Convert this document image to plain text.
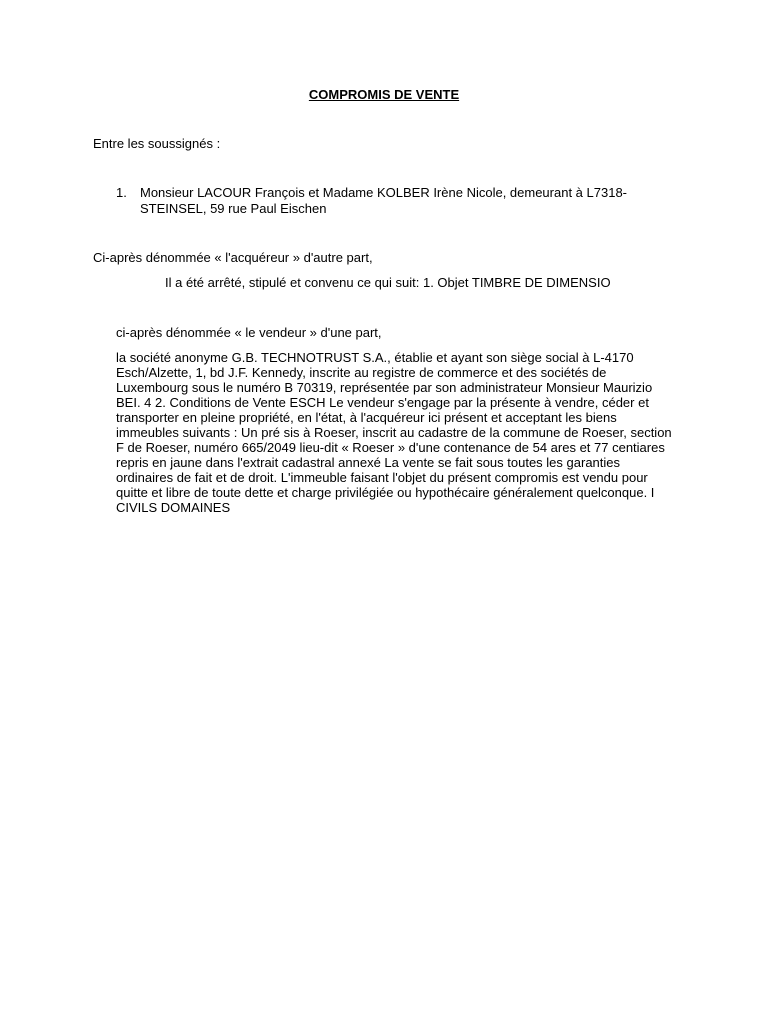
COMPROMIS DE VENTE
Entre les soussignés :
1.	Monsieur LACOUR François et Madame KOLBER Irène Nicole, demeurant à L7318-STEINSEL, 59 rue Paul Eischen
Ci-après dénommée « l'acquéreur » d'autre part,
Il a été arrêté, stipulé et convenu ce qui suit: 1. Objet TIMBRE DE DIMENSIO
ci-après dénommée « le vendeur » d'une part,
la société anonyme G.B. TECHNOTRUST S.A., établie et ayant son siège social à L-4170 Esch/Alzette, 1, bd J.F. Kennedy, inscrite au registre de commerce et des sociétés de Luxembourg sous le numéro B 70319, représentée par son administrateur Monsieur Maurizio BEI. 4 2. Conditions de Vente ESCH Le vendeur s'engage par la présente à vendre, céder et transporter en pleine propriété, en l'état, à l'acquéreur ici présent et acceptant les biens immeubles suivants : Un pré sis à Roeser, inscrit au cadastre de la commune de Roeser, section F de Roeser, numéro 665/2049 lieu-dit « Roeser » d'une contenance de 54 ares et 77 centiares repris en jaune dans l'extrait cadastral annexé La vente se fait sous toutes les garanties ordinaires de fait et de droit. L'immeuble faisant l'objet du présent compromis est vendu pour quitte et libre de toute dette et charge privilégiée ou hypothécaire généralement quelconque. I CIVILS DOMAINES
